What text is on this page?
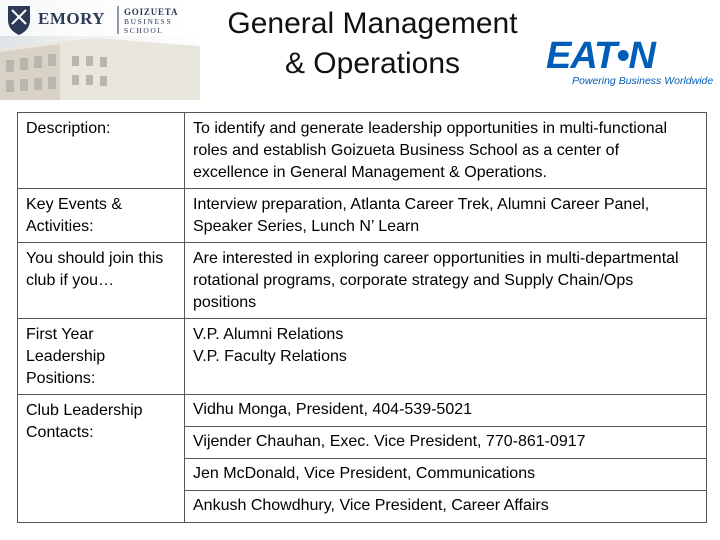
EMORY GOIZUETA
BUSINESS
SCHOOL	General Management
& Operations	EAT•N
Powering Business Worldwide
Description:	To identify and generate leadership opportunities in multi-functional roles and establish Goizueta Business School as a center of excellence in General Management & Operations.
Key Events & Activities:	Interview preparation, Atlanta Career Trek, Alumni Career Panel, Speaker Series, Lunch N’ Learn
You should join this club if you…	Are interested in exploring career opportunities in multi-departmental rotational programs, corporate strategy and Supply Chain/Ops positions
First Year Leadership Positions:	V.P. Alumni Relations
V.P. Faculty Relations

Club Leadership Contacts:	Vidhu Monga, President, 404-539-5021
Vijender Chauhan, Exec. Vice President, 770-861-0917
Jen McDonald, Vice President, Communications
Ankush Chowdhury, Vice President, Career Affairs
